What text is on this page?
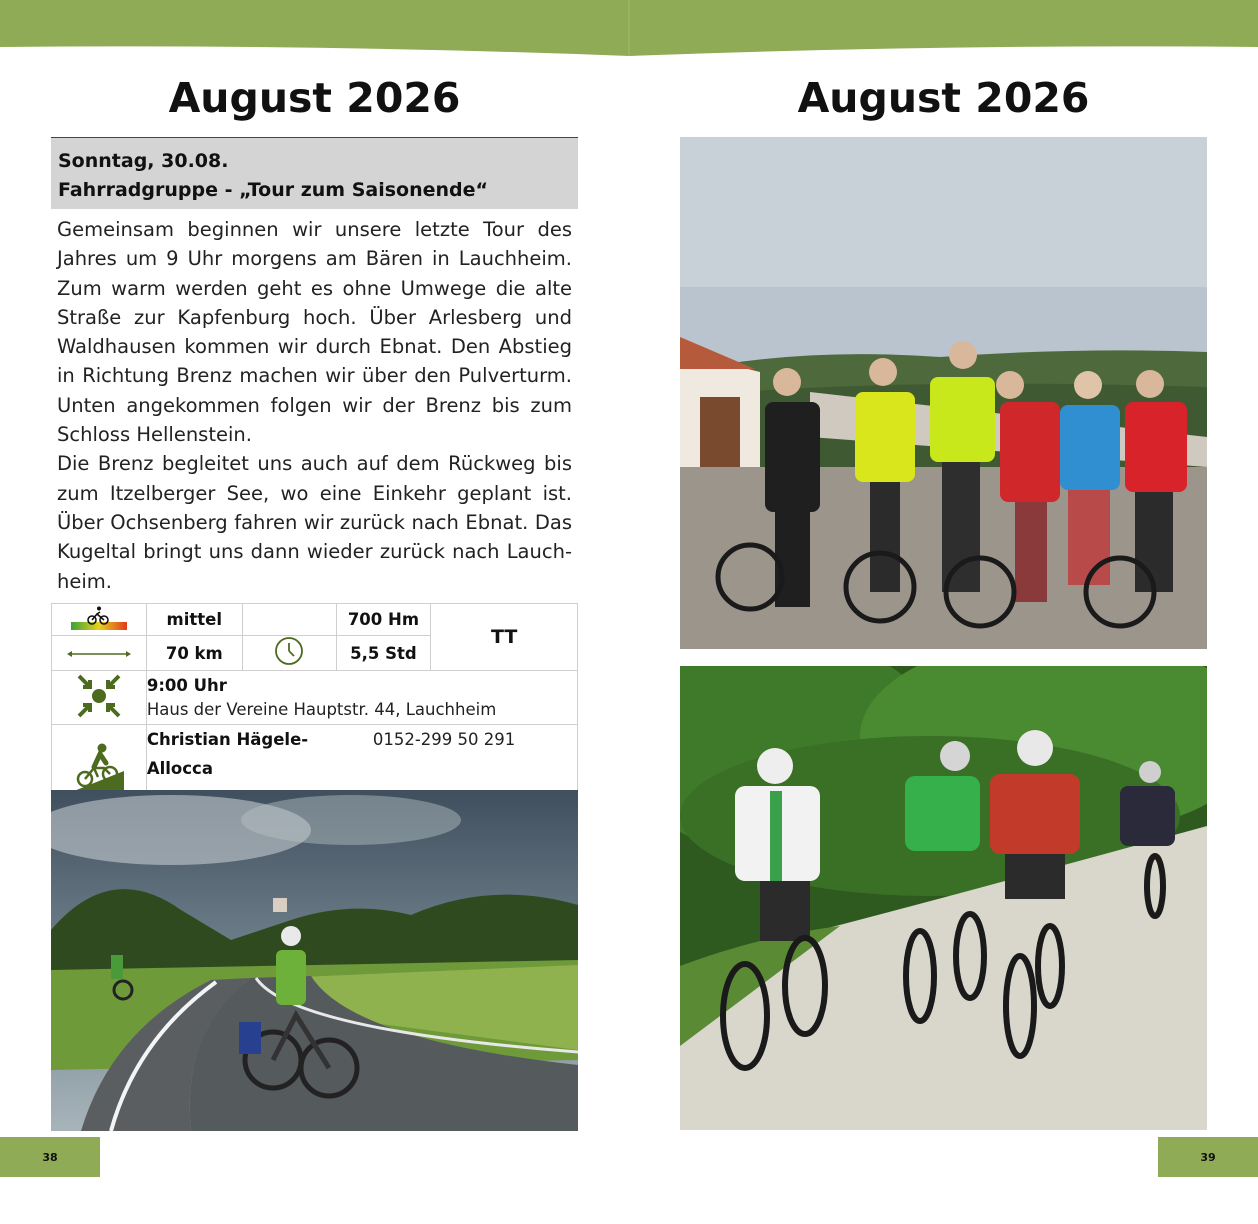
August 2026	August 2026
Sonntag, 30.08.
Fahrradgruppe - „Tour zum Saisonende“

Gemeinsam beginnen wir unsere letzte Tour des Jahres um 9 Uhr morgens am Bären in Lauchheim. Zum warm werden geht es ohne Umwege die alte Straße zur Kapfenburg hoch. Über Arlesberg und Waldhausen kommen wir durch Ebnat. Den Abstieg in Richtung Brenz machen wir über den Pulverturm. Unten angekommen folgen wir der Brenz bis zum Schloss Hellenstein.

Die Brenz begleitet uns auch auf dem Rückweg bis zum Itzelberger See, wo eine Einkehr geplant ist. Über Ochsenberg fahren wir zurück nach Ebnat. Das Kugeltal bringt uns dann wieder zurück nach Lauchheim.

	mittel		700 Hm	TT
	70 km		5,5 Std	

9:00 Uhr
Haus der Vereine Hauptstr. 44, Lauchheim			

Christian Hägele-Allocca
0152-299 50 291			
38	39
